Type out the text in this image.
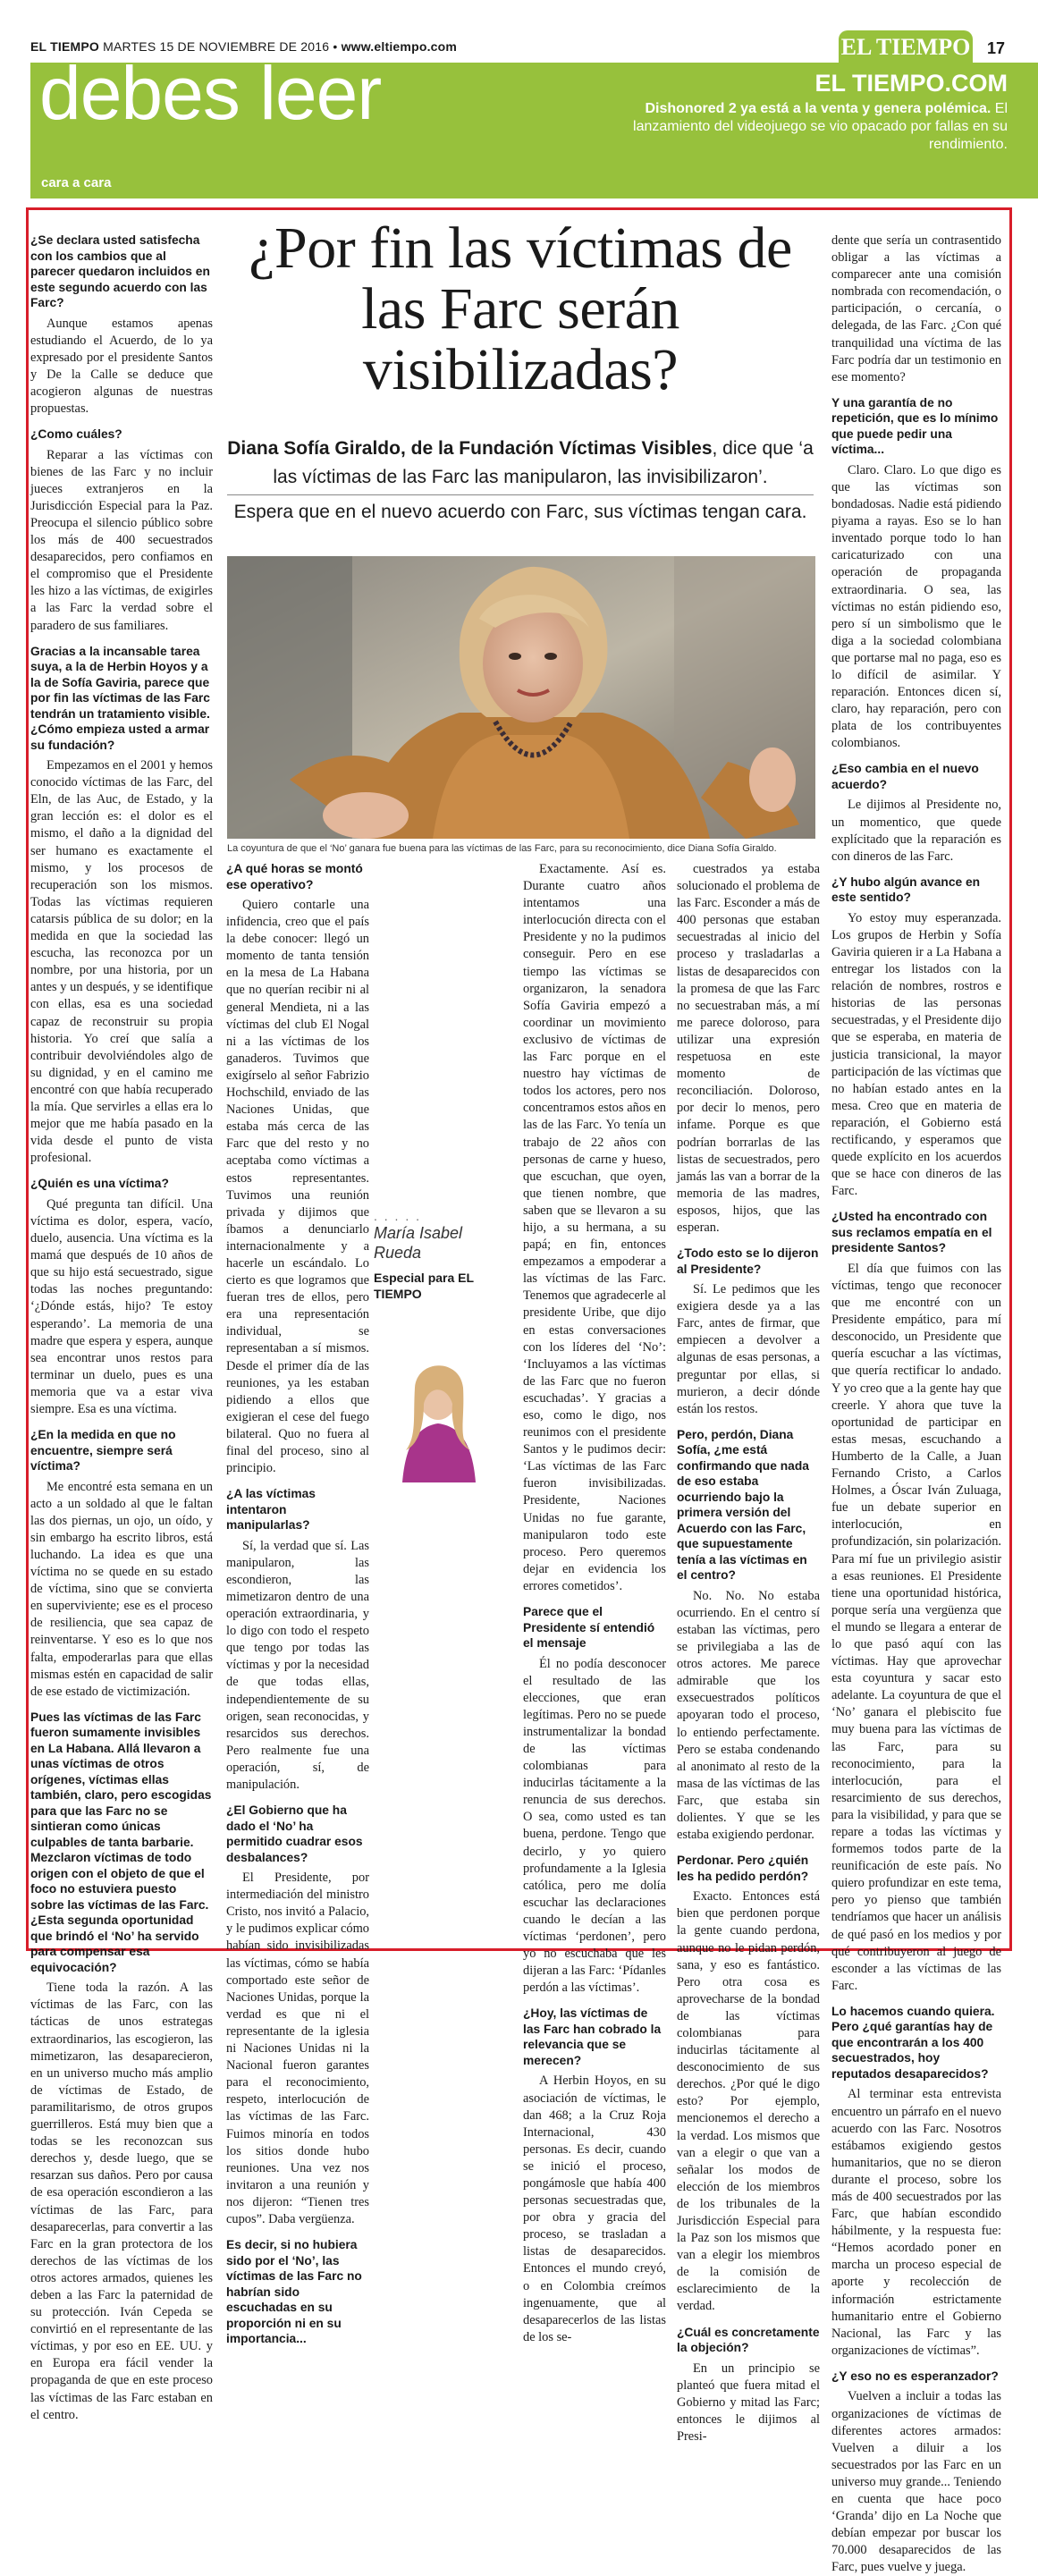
EL TIEMPO MARTES 15 DE NOVIEMBRE DE 2016 • www.eltiempo.com	EL TIEMPO 17
debes leer
cara a cara
EL TIEMPO.COM
Dishonored 2 ya está a la venta y genera polémica. El lanzamiento del videojuego se vio opacado por fallas en su rendimiento.
¿Por fin las víctimas de las Farc serán visibilizadas?
Diana Sofía Giraldo, de la Fundación Víctimas Visibles, dice que ‘a las víctimas de las Farc las manipularon, las invisibilizaron’.
Espera que en el nuevo acuerdo con Farc, sus víctimas tengan cara.
La coyuntura de que el ‘No’ ganara fue buena para las víctimas de las Farc, para su reconocimiento, dice Diana Sofía Giraldo.
¿Se declara usted satisfecha con los cambios que al parecer quedaron incluidos en este segundo acuerdo con las Farc?

Aunque estamos apenas estudiando el Acuerdo, de lo ya expresado por el presidente Santos y De la Calle se deduce que acogieron algunas de nuestras propuestas.

¿Como cuáles?

Reparar a las víctimas con bienes de las Farc y no incluir jueces extranjeros en la Jurisdicción Especial para la Paz. Preocupa el silencio público sobre los más de 400 secuestrados desaparecidos, pero confiamos en el compromiso que el Presidente les hizo a las víctimas, de exigirles a las Farc la verdad sobre el paradero de sus familiares.

Gracias a la incansable tarea suya, a la de Herbin Hoyos y a la de Sofía Gaviria, parece que por fin las víctimas de las Farc tendrán un tratamiento visible. ¿Cómo empieza usted a armar su fundación?

Empezamos en el 2001 y hemos conocido víctimas de las Farc, del Eln, de las Auc, de Estado, y la gran lección es: el dolor es el mismo, el daño a la dignidad del ser humano es exactamente el mismo, y los procesos de recuperación son los mismos. Todas las víctimas requieren catarsis pública de su dolor; en la medida en que la sociedad las escucha, las reconozca por un nombre, por una historia, por un antes y un después, y se identifique con ellas, esa es una sociedad capaz de reconstruir su propia historia. Yo creí que salía a contribuir devolviéndoles algo de su dignidad, y en el camino me encontré con que había recuperado la mía. Que servirles a ellas era lo mejor que me había pasado en la vida desde el punto de vista profesional.

¿Quién es una víctima?

Qué pregunta tan difícil. Una víctima es dolor, espera, vacío, duelo, ausencia. Una víctima es la mamá que después de 10 años de que su hijo está secuestrado, sigue todas las noches preguntando: ‘¿Dónde estás, hijo? Te estoy esperando’. La memoria de una madre que espera y espera, aunque sea encontrar unos restos para terminar un duelo, pues es una memoria que va a estar viva siempre. Esa es una víctima.

¿En la medida en que no encuentre, siempre será víctima?

Me encontré esta semana en un acto a un soldado al que le faltan las dos piernas, un ojo, un oído, y sin embargo ha escrito libros, está luchando. La idea es que una víctima no se quede en su estado de víctima, sino que se convierta en superviviente; ese es el proceso de resiliencia, que sea capaz de reinventarse. Y eso es lo que nos falta, empoderarlas para que ellas mismas estén en capacidad de salir de ese estado de victimización.

Pues las víctimas de las Farc fueron sumamente invisibles en La Habana. Allá llevaron a unas víctimas de otros orígenes, víctimas ellas también, claro, pero escogidas para que las Farc no se sintieran como únicas culpables de tanta barbarie. Mezclaron víctimas de todo origen con el objeto de que el foco no estuviera puesto sobre las víctimas de las Farc. ¿Esta segunda oportunidad que brindó el ‘No’ ha servido para compensar esa equivocación?

Tiene toda la razón. A las víctimas de las Farc, con las tácticas de unos estrategas extraordinarios, las escogieron, las mimetizaron, las desaparecieron, en un universo mucho más amplio de víctimas de Estado, de paramilitarismo, de otros grupos guerrilleros. Está muy bien que a todas se les reconozcan sus derechos y, desde luego, que se resarzan sus daños. Pero por causa de esa operación escondieron a las víctimas de las Farc, para desaparecerlas, para convertir a las Farc en la gran protectora de los derechos de las víctimas de los otros actores armados, quienes les deben a las Farc la paternidad de su protección. Iván Cepeda se convirtió en el representante de las víctimas, y por eso en EE. UU. y en Europa era fácil vender la propaganda de que en este proceso las víctimas de las Farc estaban en el centro.

¿A qué horas se montó ese operativo?

Quiero contarle una infidencia, creo que el país la debe conocer: llegó un momento de tanta tensión en la mesa de La Habana que no querían recibir ni al general Mendieta, ni a las víctimas del club El Nogal ni a las víctimas de los ganaderos. Tuvimos que exigírselo al señor Fabrizio Hochschild, enviado de las Naciones Unidas, que estaba más cerca de las Farc que del resto y no aceptaba como víctimas a estos representantes. Tuvimos una reunión privada y dijimos que íbamos a denunciarlo internacionalmente y a hacerle un escándalo. Lo cierto es que logramos que fueran tres de ellos, pero era una representación individual, se representaban a sí mismos. Desde el primer día de las reuniones, ya les estaban pidiendo a ellos que exigieran el cese del fuego bilateral. Quo no fuera al final del proceso, sino al principio.

¿A las víctimas intentaron manipularlas?

Sí, la verdad que sí. Las manipularon, las escondieron, las mimetizaron dentro de una operación extraordinaria, y lo digo con todo el respeto que tengo por todas las víctimas y por la necesidad de que todas ellas, independientemente de su origen, sean reconocidas, y resarcidos sus derechos. Pero realmente fue una operación, sí, de manipulación.

¿El Gobierno que ha dado el ‘No’ ha permitido cuadrar esos desbalances?

El Presidente, por intermediación del ministro Cristo, nos invitó a Palacio, y le pudimos explicar cómo habían sido invisibilizadas las víctimas, cómo se había comportado este señor de Naciones Unidas, porque la verdad es que ni el representante de la iglesia ni Naciones Unidas ni la Nacional fueron garantes para el reconocimiento, respeto, interlocución de las víctimas de las Farc. Fuimos minoría en todos los sitios donde hubo reuniones. Una vez nos invitaron a una reunión y nos dijeron: “Tienen tres cupos”. Daba vergüenza.

Es decir, si no hubiera sido por el ‘No’, las víctimas de las Farc no habrían sido escuchadas en su proporción ni en su importancia...

Exactamente. Así es. Durante cuatro años intentamos una interlocución directa con el Presidente y no la pudimos conseguir. Pero en ese tiempo las víctimas se organizaron, la senadora Sofía Gaviria empezó a coordinar un movimiento exclusivo de víctimas de las Farc porque en el nuestro hay víctimas de todos los actores, pero nos concentramos estos años en las de las Farc. Yo tenía un trabajo de 22 años con personas de carne y hueso, que escuchan, que oyen, que tienen nombre, que saben que se llevaron a su hijo, a su hermana, a su papá; en fin, entonces empezamos a empoderar a las víctimas de las Farc. Tenemos que agradecerle al presidente Uribe, que dijo en estas conversaciones con los líderes del ‘No’: ‘Incluyamos a las víctimas de las Farc que no fueron escuchadas’. Y gracias a eso, como le digo, nos reunimos con el presidente Santos y le pudimos decir: ‘Las víctimas de las Farc fueron invisibilizadas. Presidente, Naciones Unidas no fue garante, manipularon todo este proceso. Pero queremos dejar en evidencia los errores cometidos’.

Parece que el Presidente sí entendió el mensaje

Él no podía desconocer el resultado de las elecciones, que eran legítimas. Pero no se puede instrumentalizar la bondad de las víctimas colombianas para inducirlas tácitamente a la renuncia de sus derechos. O sea, como usted es tan buena, perdone. Tengo que decirlo, y yo quiero profundamente a la Iglesia católica, pero me dolía escuchar las declaraciones cuando le decían a las víctimas ‘perdonen’, pero yo no escuchaba que les dijeran a las Farc: ‘Pídanles perdón a las víctimas’.

¿Hoy, las víctimas de las Farc han cobrado la relevancia que se merecen?

A Herbin Hoyos, en su asociación de víctimas, le dan 468; a la Cruz Roja Internacional, 430 personas. Es decir, cuando se inició el proceso, pongámosle que había 400 personas secuestradas que, por obra y gracia del proceso, se trasladan a listas de desaparecidos. Entonces el mundo creyó, o en Colombia creímos ingenuamente, que al desaparecerlos de las listas de los se-

. . . . .
María Isabel Rueda
Especial para EL TIEMPO

cuestrados ya estaba solucionado el problema de las Farc. Esconder a más de 400 personas que estaban secuestradas al inicio del proceso y trasladarlas a listas de desaparecidos con la promesa de que las Farc no secuestraban más, a mí me parece doloroso, para utilizar una expresión respetuosa en este momento de reconciliación. Doloroso, por decir lo menos, pero infame. Porque es que podrían borrarlas de las listas de secuestrados, pero jamás las van a borrar de la memoria de las madres, esposos, hijos, que las esperan.

¿Todo esto se lo dijeron al Presidente?

Sí. Le pedimos que les exigiera desde ya a las Farc, antes de firmar, que empiecen a devolver a algunas de esas personas, a preguntar por ellas, si murieron, a decir dónde están los restos.

Pero, perdón, Diana Sofía, ¿me está confirmando que nada de eso estaba ocurriendo bajo la primera versión del Acuerdo con las Farc, que supuestamente tenía a las víctimas en el centro?

No. No. No estaba ocurriendo. En el centro sí estaban las víctimas, pero se privilegiaba a las de otros actores. Me parece admirable que los exsecuestrados políticos apoyaran todo el proceso, lo entiendo perfectamente. Pero se estaba condenando al anonimato al resto de la masa de las víctimas de las Farc, que estaba sin dolientes. Y que se les estaba exigiendo perdonar.

Perdonar. Pero ¿quién les ha pedido perdón?

Exacto. Entonces está bien que perdonen porque la gente cuando perdona, aunque no le pidan perdón, sana, y eso es fantástico. Pero otra cosa es aprovecharse de la bondad de las víctimas colombianas para inducirlas tácitamente al desconocimiento de sus derechos. ¿Por qué le digo esto? Por ejemplo, mencionemos el derecho a la verdad. Los mismos que van a elegir o que van a señalar los modos de elección de los miembros de los tribunales de la Jurisdicción Especial para la Paz son los mismos que van a elegir los miembros de la comisión de esclarecimiento de la verdad.

¿Cuál es concretamente la objeción?

En un principio se planteó que fuera mitad el Gobierno y mitad las Farc; entonces le dijimos al Presi-

dente que sería un contrasentido obligar a las víctimas a comparecer ante una comisión nombrada con recomendación, o participación, o cercanía, o delegada, de las Farc. ¿Con qué tranquilidad una víctima de las Farc podría dar un testimonio en ese momento?

Y una garantía de no repetición, que es lo mínimo que puede pedir una víctima...

Claro. Claro. Lo que digo es que las víctimas son bondadosas. Nadie está pidiendo piyama a rayas. Eso se lo han inventado porque todo lo han caricaturizado con una operación de propaganda extraordinaria. O sea, las víctimas no están pidiendo eso, pero sí un simbolismo que le diga a la sociedad colombiana que portarse mal no paga, eso es lo difícil de asimilar. Y reparación. Entonces dicen sí, claro, hay reparación, pero con plata de los contribuyentes colombianos.

¿Eso cambia en el nuevo acuerdo?

Le dijimos al Presidente no, un momentico, que quede explícitado que la reparación es con dineros de las Farc.

¿Y hubo algún avance en este sentido?

Yo estoy muy esperanzada. Los grupos de Herbin y Sofía Gaviria quieren ir a La Habana a entregar los listados con la relación de nombres, rostros e historias de las personas secuestradas, y el Presidente dijo que se esperaba, en materia de justicia transicional, la mayor participación de las víctimas que no habían estado antes en la mesa. Creo que en materia de reparación, el Gobierno está rectificando, y esperamos que quede explícito en los acuerdos que se hace con dineros de las Farc.

¿Usted ha encontrado con sus reclamos empatía en el presidente Santos?

El día que fuimos con las víctimas, tengo que reconocer que me encontré con un Presidente empático, para mí desconocido, un Presidente que quería escuchar a las víctimas, que quería rectificar lo andado. Y yo creo que a la gente hay que creerle. Y ahora que tuve la oportunidad de participar en estas mesas, escuchando a Humberto de la Calle, a Juan Fernando Cristo, a Carlos Holmes, a Óscar Iván Zuluaga, fue un debate superior en interlocución, en profundización, sin polarización. Para mí fue un privilegio asistir a esas reuniones. El Presidente tiene una oportunidad histórica, porque sería una vergüenza que el mundo se llegara a enterar de lo que pasó aquí con las víctimas. Hay que aprovechar esta coyuntura y sacar esto adelante. La coyuntura de que el ‘No’ ganara el plebiscito fue muy buena para las víctimas de las Farc, para su reconocimiento, para la interlocución, para el resarcimiento de sus derechos, para la visibilidad, y para que se repare a todas las víctimas y formemos todos parte de la reunificación de este país. No quiero profundizar en este tema, pero yo pienso que también tendríamos que hacer un análisis de qué pasó en los medios y por qué contribuyeron al juego de esconder a las víctimas de las Farc.

Lo hacemos cuando quiera. Pero ¿qué garantías hay de que encontrarán a los 400 secuestrados, hoy reputados desaparecidos?

Al terminar esta entrevista encuentro un párrafo en el nuevo acuerdo con las Farc. Nosotros estábamos exigiendo gestos humanitarios, que no se dieron durante el proceso, sobre los más de 400 secuestrados por las Farc, que habían escondido hábilmente, y la respuesta fue: “Hemos acordado poner en marcha un proceso especial de aporte y recolección de información estrictamente humanitario entre el Gobierno Nacional, las Farc y las organizaciones de víctimas”.

¿Y eso no es esperanzador?

Vuelven a incluir a todas las organizaciones de víctimas de diferentes actores armados: Vuelven a diluir a los secuestrados por las Farc en un universo muy grande... Teniendo en cuenta que hace poco ‘Granda’ dijo en La Noche que debían empezar por buscar los 70.000 desaparecidos de las Farc, pues vuelve y juega.
